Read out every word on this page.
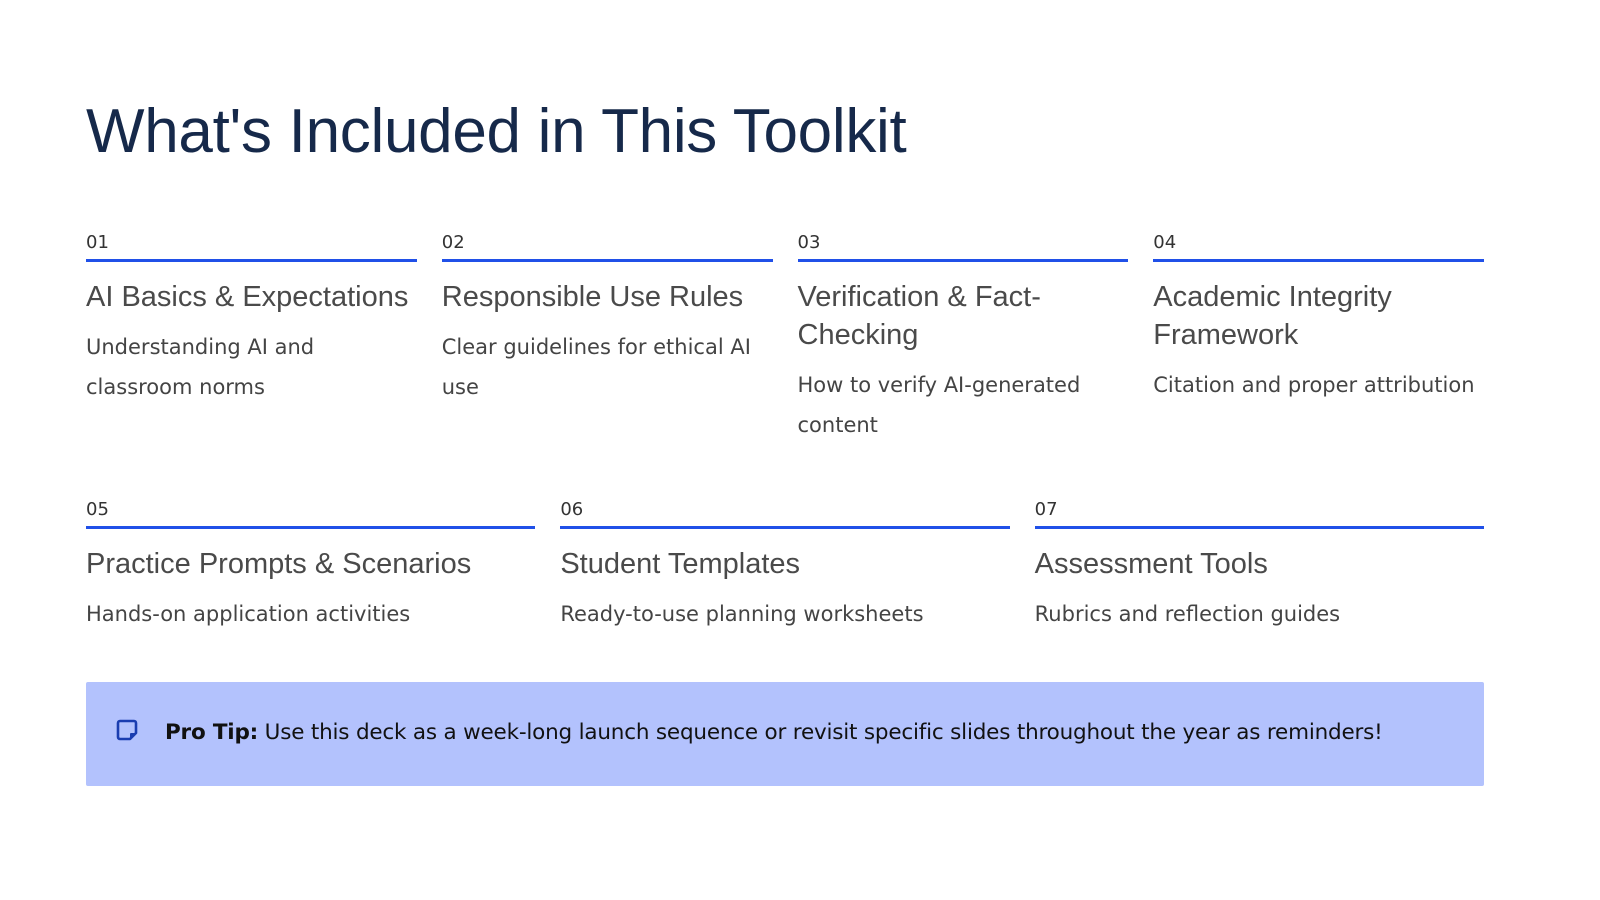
What's Included in This Toolkit
01
AI Basics & Expectations
Understanding AI and classroom norms
02
Responsible Use Rules
Clear guidelines for ethical AI use
03
Verification & Fact-Checking
How to verify AI-generated content
04
Academic Integrity Framework
Citation and proper attribution
05
Practice Prompts & Scenarios
Hands-on application activities
06
Student Templates
Ready-to-use planning worksheets
07
Assessment Tools
Rubrics and reflection guides
Pro Tip: Use this deck as a week-long launch sequence or revisit specific slides throughout the year as reminders!
